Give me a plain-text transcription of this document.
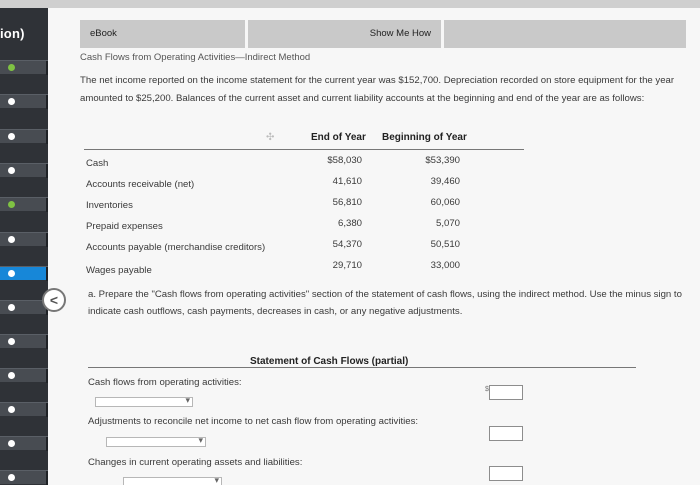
ion)	eBook	Show Me How
Cash Flows from Operating Activities—Indirect Method
The net income reported on the income statement for the current year was $152,700. Depreciation recorded on store equipment for the year amounted to $25,200. Balances of the current asset and current liability accounts at the beginning and end of the year are as follows:
✣	End of Year Beginning of Year
Cash	$58,030	$53,390
Accounts receivable (net)	41,610	39,460
Inventories	56,810	60,060
Prepaid expenses	6,380	5,070
Accounts payable (merchandise creditors)	54,370	50,510
Wages payable	29,710	33,000
a. Prepare the "Cash flows from operating activities" section of the statement of cash flows, using the indirect method. Use the minus sign to indicate cash outflows, cash payments, decreases in cash, or any negative adjustments.
Statement of Cash Flows (partial)
Cash flows from operating activities:
$
▾
Adjustments to reconcile net income to net cash flow from operating activities:
▾
Changes in current operating assets and liabilities:
▾
<
